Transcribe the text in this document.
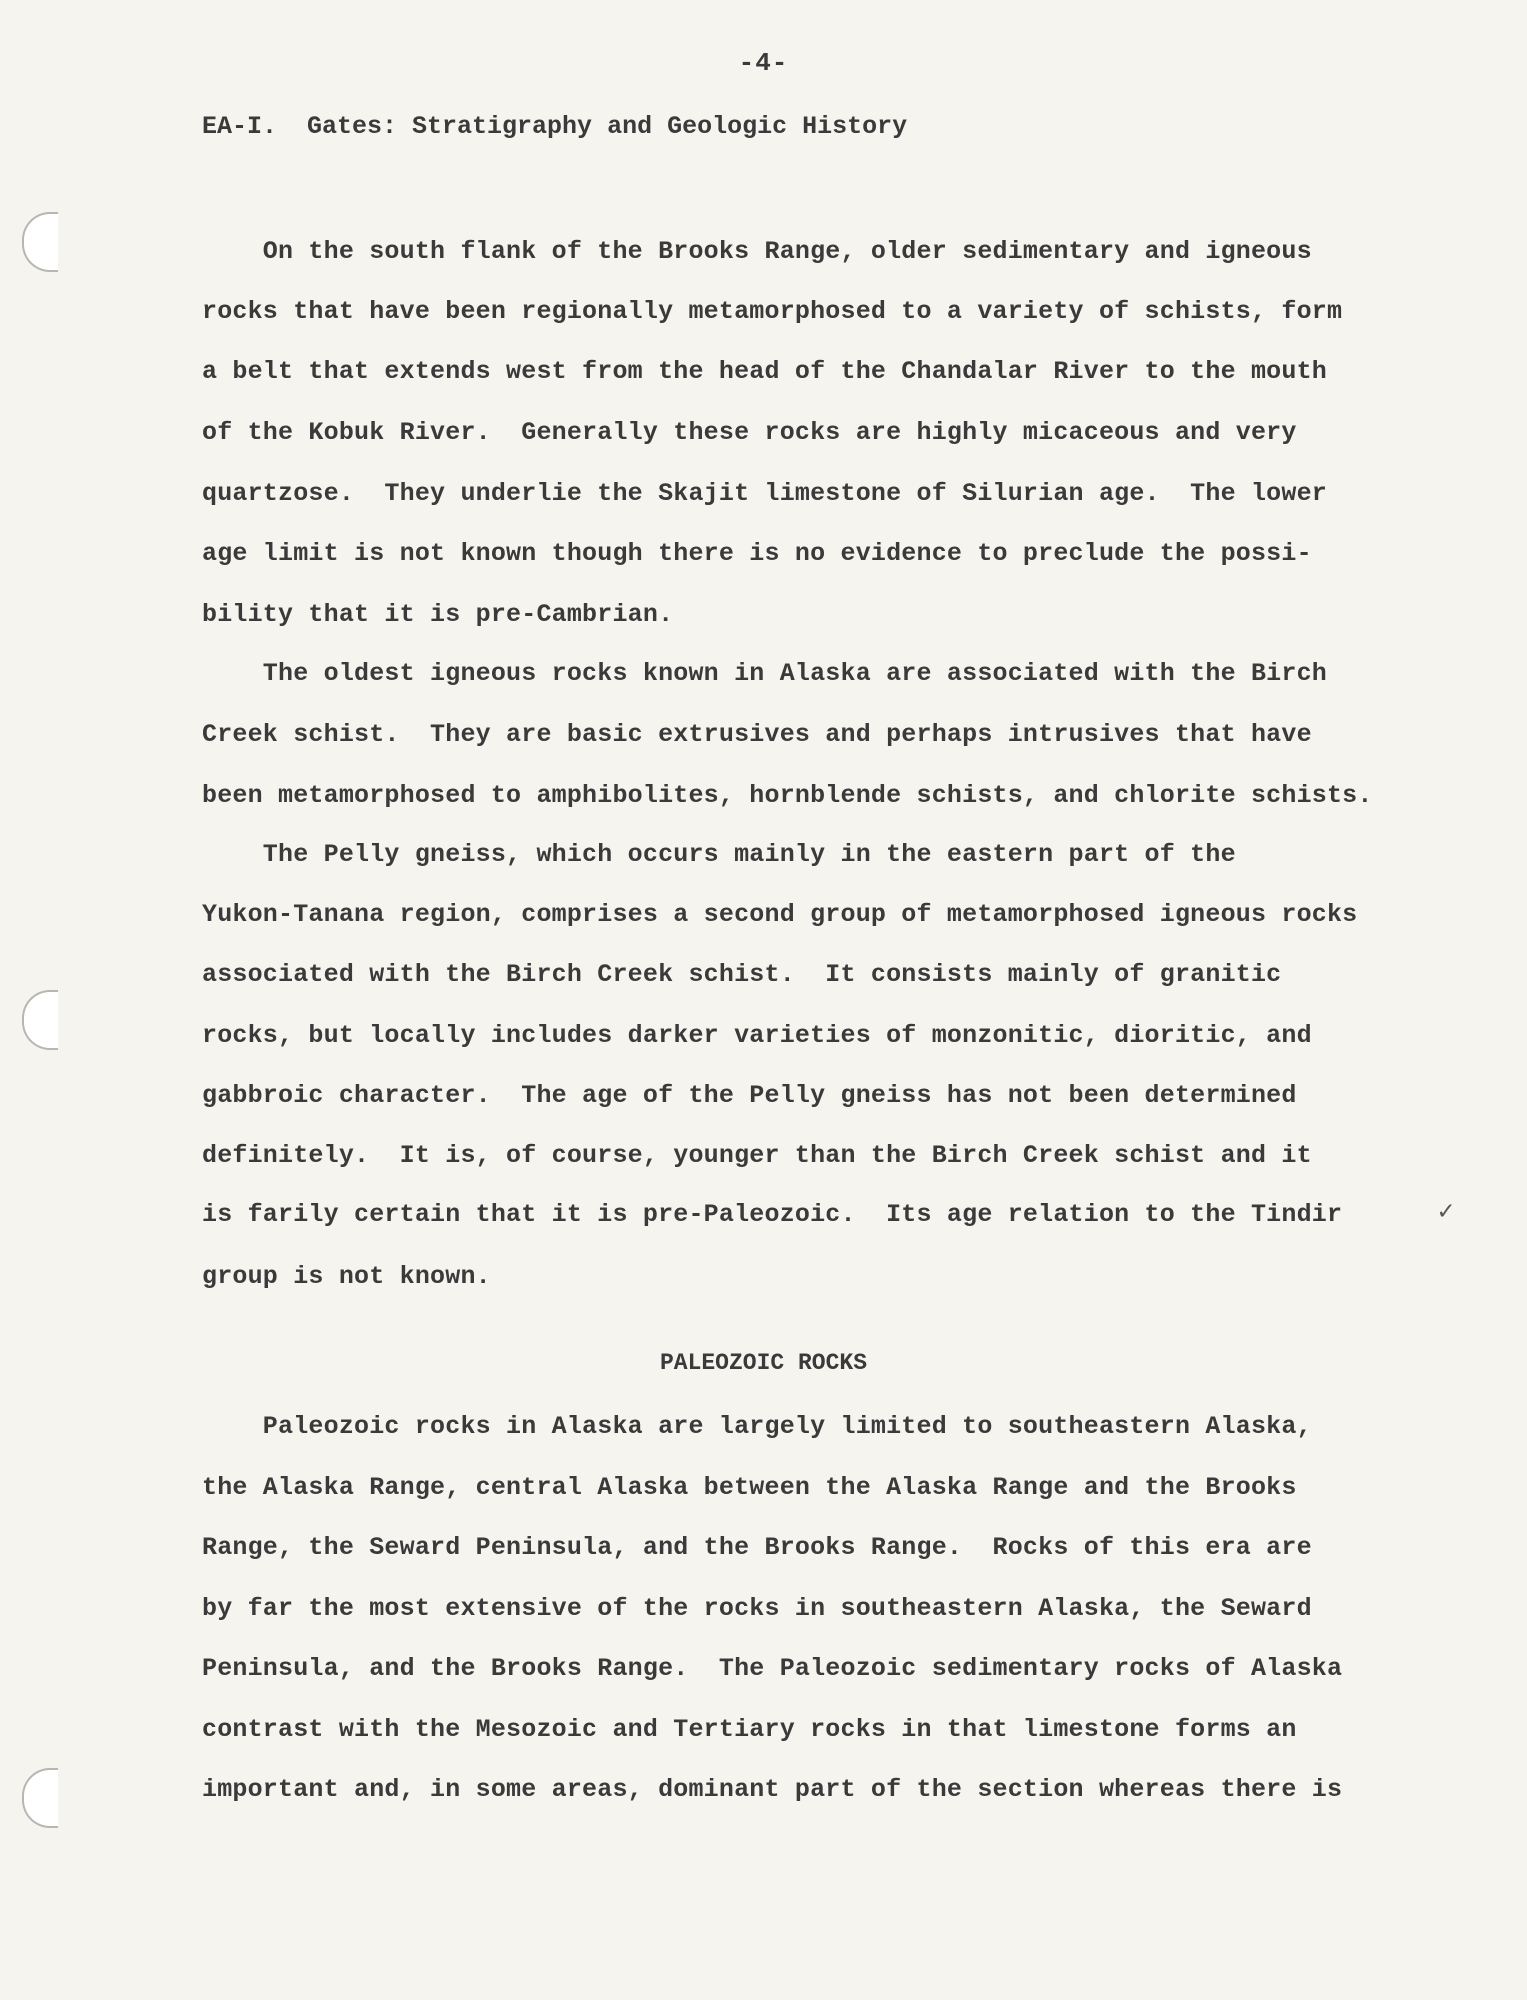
-4-
EA-I.  Gates: Stratigraphy and Geologic History
On the south flank of the Brooks Range, older sedimentary and igneous
rocks that have been regionally metamorphosed to a variety of schists, form
a belt that extends west from the head of the Chandalar River to the mouth
of the Kobuk River.  Generally these rocks are highly micaceous and very
quartzose.  They underlie the Skajit limestone of Silurian age.  The lower
age limit is not known though there is no evidence to preclude the possi-
bility that it is pre-Cambrian.
The oldest igneous rocks known in Alaska are associated with the Birch
Creek schist.  They are basic extrusives and perhaps intrusives that have
been metamorphosed to amphibolites, hornblende schists, and chlorite schists.
The Pelly gneiss, which occurs mainly in the eastern part of the
Yukon-Tanana region, comprises a second group of metamorphosed igneous rocks
associated with the Birch Creek schist.  It consists mainly of granitic
rocks, but locally includes darker varieties of monzonitic, dioritic, and
gabbroic character.  The age of the Pelly gneiss has not been determined
definitely.  It is, of course, younger than the Birch Creek schist and it
is farily certain that it is pre-Paleozoic.  Its age relation to the Tindir
group is not known.
✓
PALEOZOIC ROCKS
Paleozoic rocks in Alaska are largely limited to southeastern Alaska,
the Alaska Range, central Alaska between the Alaska Range and the Brooks
Range, the Seward Peninsula, and the Brooks Range.  Rocks of this era are
by far the most extensive of the rocks in southeastern Alaska, the Seward
Peninsula, and the Brooks Range.  The Paleozoic sedimentary rocks of Alaska
contrast with the Mesozoic and Tertiary rocks in that limestone forms an
important and, in some areas, dominant part of the section whereas there is
